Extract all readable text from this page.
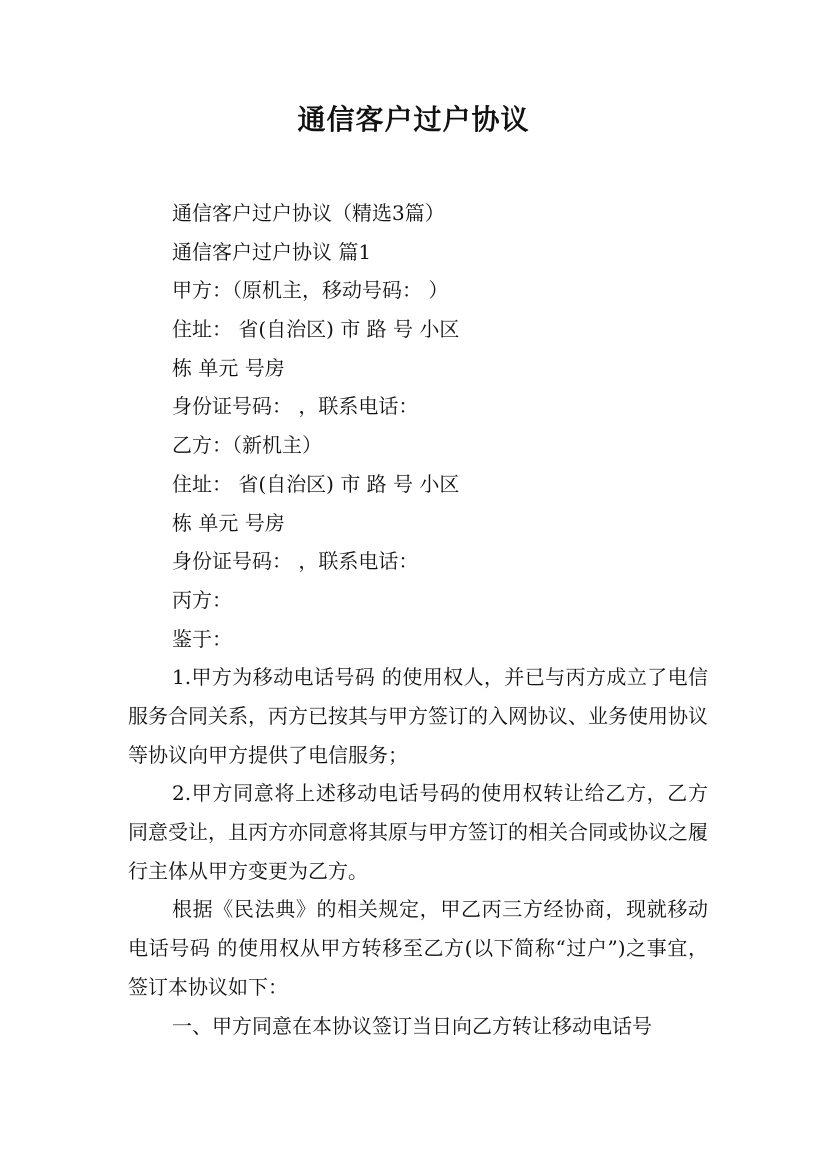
通信客户过户协议
通信客户过户协议（精选3篇）
通信客户过户协议 篇1
甲方：（原机主，移动号码： ）
住址： 省(自治区) 市 路 号 小区
栋 单元 号房
身份证号码： ，联系电话：
乙方：（新机主）
住址： 省(自治区) 市 路 号 小区
栋 单元 号房
身份证号码： ，联系电话：
丙方：
鉴于：

1.甲方为移动电话号码 的使用权人，并已与丙方成立了电信服务合同关系，丙方已按其与甲方签订的入网协议、业务使用协议等协议向甲方提供了电信服务；

2.甲方同意将上述移动电话号码的使用权转让给乙方，乙方同意受让，且丙方亦同意将其原与甲方签订的相关合同或协议之履行主体从甲方变更为乙方。

根据《民法典》的相关规定，甲乙丙三方经协商，现就移动电话号码 的使用权从甲方转移至乙方(以下简称“过户”)之事宜，签订本协议如下：

一、甲方同意在本协议签订当日向乙方转让移动电话号
